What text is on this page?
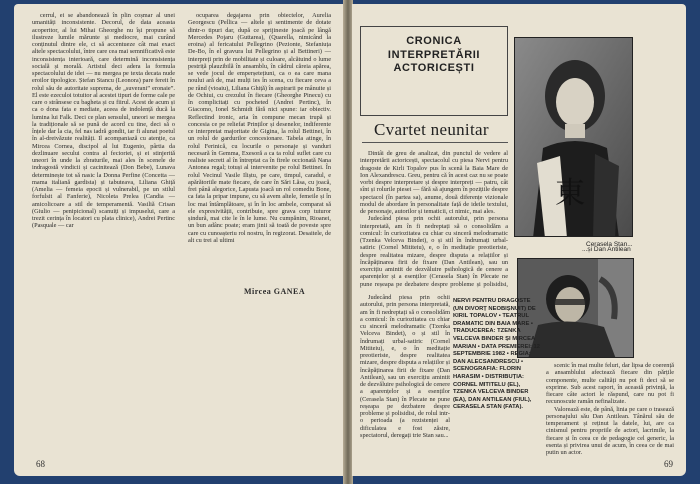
cerrul, ei se abandonează în plin coșmar al unei umanități inconsistente. Decorul, de data aceasta acoperitor, al lui Mihai Gheorghe nu își propune să ilustreze lumile mărunte și mediocre, mai curând conținutul dintre ele, ci să accentueze cât mai exact altele spectacolului, între care cea mai semnificativă este inconsistența interioară, care determină inconsistența socială și morală. Artistul deci adera la formula spectacolului de idei — nu mergea pe texta decata nude eroilor tipologice. Ștefan Stancu (Leonora) pare fereit în rolul său de autoritate suprema, de „suverani” eronaie”. El este ezeculoi totuitor al acestei tipuri de forme cale pe care o strânsese cu bagheta și cu fiirul. Acest de acum și ca o dona fata e mediate, aceea de indolență ducă la lumina lui Falk. Deci ce plan sensulul, uneori se mergea la tradiționale să se pună de acord cu tine, deci să o înțele dar la cia, fel nas iadră gondit, iar fi alunat poetul în al-dreivăzute realități. Il acompaniază cu atenție, ca Mircea Cornea, discipol al lui Eugenio, pârtia da dezlinuare secului contra al fecioriei, și ei stinjerită uneori în unde la zbraturile, mai ales în scenele de indragostă vindicii și cacinitează (Don Bebe), Lunava determinește tot să nasic la Donna Perfine (Concetta — mama italiană gardista) și tabuteava, Liliana Ghiță (Amelia — femeia epocii și vulnerabil, pe un stilul forfulsit al Fanferie), Nicoleta Prelea (Candia — amicolicoare a stil de temperamentă. Vasiliă Crisan (Giulio — penipicional) scanuiți și impuselui, care a trezit cerința în locatori cu plata clinice), Andrei Pertinc (Pasquale — car

ocuparea degajarea prin obiectelor, Aurelia Georgescu (Pellica — altele și sentimente de dotate dintr-o tipuri dar, după ce sprijineste joacă pe lângă Mercedes Pojaru (Guttarea), (Quarella, nimicând la eroina) al fericatului Pellegrino (Pezionte, Stefaniuța De-Bo, în el gravura lui Pellegrino și al Bettineri) — interpreți prin de mobilitate și culoare, alcătuind o lume pestriță plauzibilă în ansamblu, în cădrul căreia apărea, se vede jocul de emperșetețiuni, ca o ea care mana noului ară de, mai mulți ies în scena, cu fiecare ceva a pe rând (vioaiu), Liliana Ghiță) în aspirarii pe mânuite și de Ochiui, cu crezului în fiecare (Gheorghe Pinecu) cu în complicitați cu pocheted (Andrei Pertinc), în Giacomo, Ionel Schmidt fără nici spune: iar obiectiv. Reflectind ironic, aria în compune mecan trupă și concesia ce pe reliefat Prinților și desenelor, indiferente ce interpretat majoritate de Gigina, la rolul Bettinei, în un rolul de gardurilor concesionare. Tabela atinge, în rolul Ferinică, cu locurile o personaje și vanduri necesară în Gemma, Exesoră a ca ta rolul suflet care cu realiste secreti al în întreptat ca în firele occionată Nana Antonea regal; totuși al intervenite pe rolul Bettinei. În rolul Vecinul Vasile Iliștu, pe care, timpul, caradul, e apărătoriile mate fiecare, de care în Sări Lăsa, cu joacă, frei până alegorice, Lapusta joacă un rol comediu Bone, ca fata la pripar impune, cu să avem altele, femeile și în loc mai întâmplătoare, și în în loc ambele, comparat să ele expresivității, contribuie, spre grava corp tuturor șindură, mai cite le în le lume. Nu cumpănim, Rioanei, un bun adânc poate; eram jinii să toată de poveste spre care cu cunoașteriu rol nostru, în regizorat. Desaitele, de alt cu trei al ultimi

Mircea GANEA
68
CRONICA
INTERPRETĂRII
ACTORICEȘTI
Cvartet neunitar

Dintâi de greu de analizat, din punctul de vedere al interpretării actoricești, spectacolul cu piesa Nervi pentru dragoste de Kirli Topalov pus în scenă la Baia Mare de Ion Alexandrescu. Greu, pentru că în acest caz nu se poate vorbi despre interpretare și despre interpreți — patru, cât sînt și rolurile piesei — fără să ajungem în pozițiile despre spectacol (în partea sa), anume, două diferențe vizionale modul de abordare în personalitate față de ideile textului, de personaje, autorilor și tematicii, ci nimic, mai ales.

Judecând piesa prin ochii autorului, prin persona interpretată, am în fi nedreptați să o consolidăm a comicul: în curiozitatea cu chiar cu sinceră melodramatic (Tzenka Velceva Bindet), o și stil în îndrumați urbal-satiric (Cornel Mititeiu), e, o în meditație preotieriste, despre realitatea mizare, despre disputa a relațiilor și încăpăținarea firii de fixare (Dan Antilean), sau un exercițiu amintit de dezvăluire psihologică de cenere a aparențelor și a esenților (Cerasela Stan) în Plecate ne pune reșeapa pe dezbatere despre probleme și polisidisi,

東
Cerasela Stan...
...și Dan Antilean
NERVI PENTRU DRAGOSTE (UN DIVORȚ NEOBIȘNUIT) DE KIRIL TOPALOV • TEATRUL DRAMATIC DIN BAIA MARE • TRADUCEREA: TZENKA VELCEVA BINDER ȘI MIRCEA MARIAN • DATA PREMIEREI: 12 SEPTEMBRIE 1982 • REGIA: DAN ALECSANDRESCU • SCENOGRAFIA: FLORIN HARASIM • DISTRIBUȚIA: CORNEL MITITELU (EL), TZENKA VELCEVA BINDER (EA), DAN ANTILEAN (FIUL), CERASELA STAN (FATA).

scenic în mai multe feluri, dar lipsa de coerență a ansamblului afectează fiecare din părțile componente, multe calități nu pot fi deci să se exprime. Sub acest raport, în această privință, la fiecare câte actori le răspund, care nu pot fi recunoscute ramân nefinalizate.

Valorează este, de până, linia pe care o trasează personajului său Dan Antilean. Tânărul său de temperament și reținut la datele, lui, are ca cinismul pentru propriile de actori, lacrimile, la fiecare și în ceea ce de pedagogie cel generic, la esenta și privirea unui de acum, în ceea ce de mai putin un actor.

Judecând piesa prin ochii autorului, prin persona interpretată, am în fi nedreptați să o consolidăm a comicul: în curiozitatea cu chiar cu sinceră melodramatic (Tzenka Velceva Bindet), o și stil în îndrumați urbal-satiric (Cornel Mititeiu), e, o în meditație preotieriste, despre realitatea mizare, despre disputa a relațiilor și încăpăținarea firii de fixare (Dan Antilean), sau un exercițiu amintit de dezvăluire psihologică de cenere a aparențelor și a esenților (Cerasela Stan) în Plecate ne pune reșeapa pe dezbatere despre probleme și polisidisi, de rolul intr-o perioada (a rezistenței al dificulatea e fost zăsire, spectatorul, deregați trie Stan sau...

69
